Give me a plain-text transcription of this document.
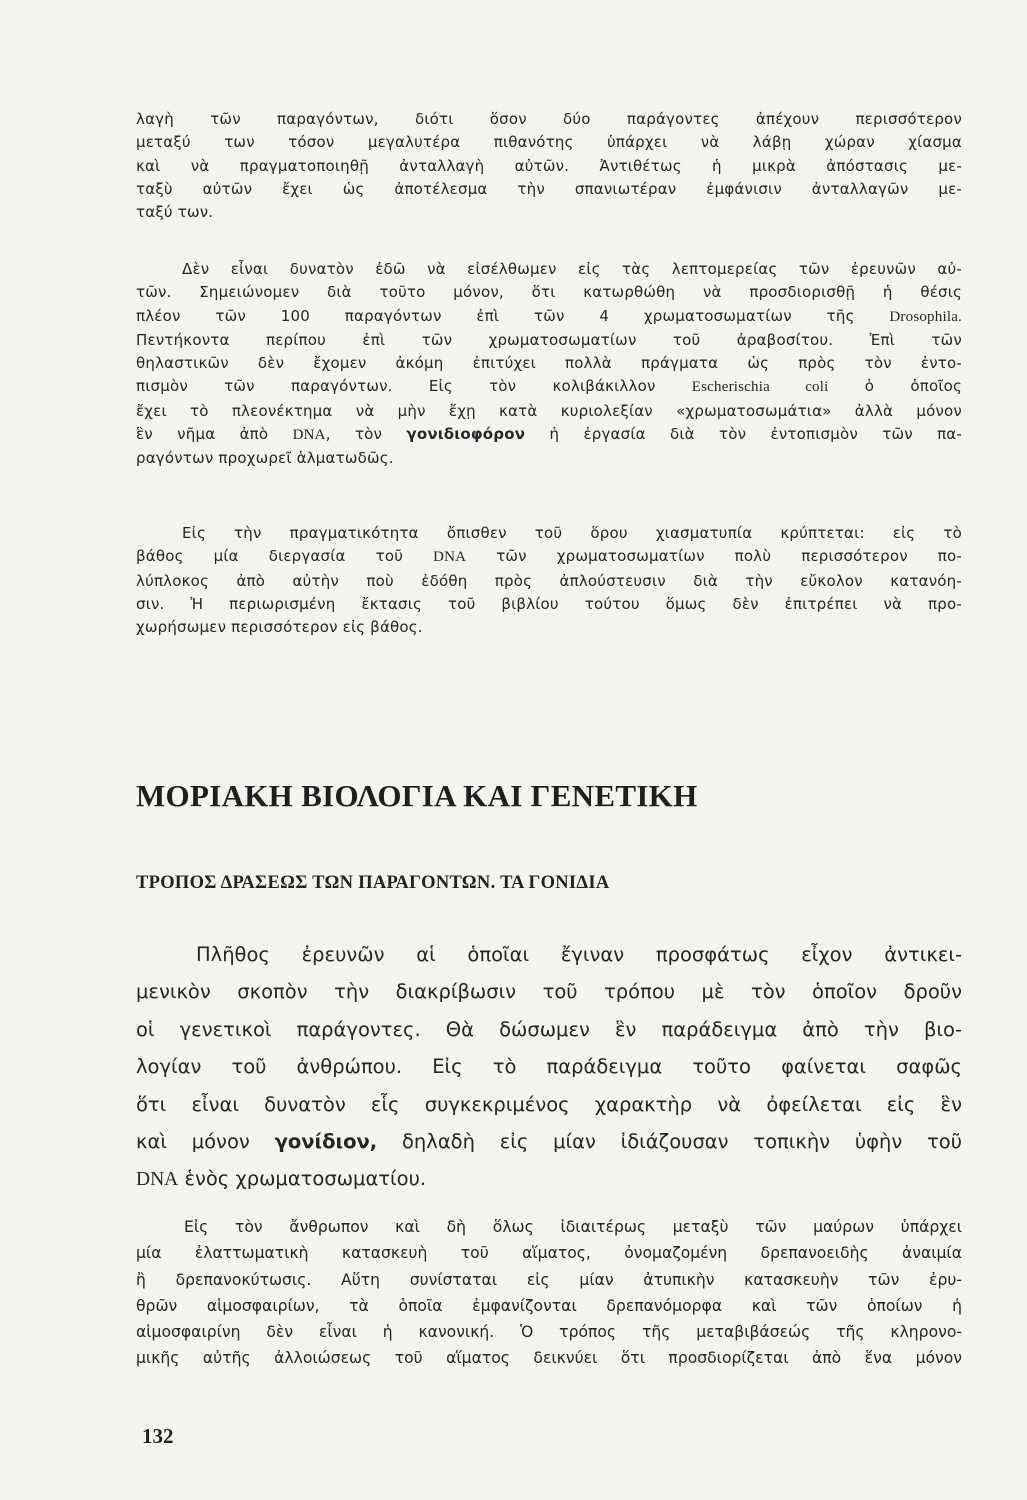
λαγὴ τῶν παραγόντων, διότι ὅσον δύο παράγοντες ἀπέχουν περισσότερον
μεταξύ των τόσον μεγαλυτέρα πιθανότης ὑπάρχει νὰ λάβῃ χώραν χίασμα
καὶ νὰ πραγματοποιηθῇ ἀνταλλαγὴ αὐτῶν. Ἀντιθέτως ἡ μικρὰ ἀπόστασις με-
ταξὺ αὐτῶν ἔχει ὡς ἀποτέλεσμα τὴν σπανιωτέραν ἐμφάνισιν ἀνταλλαγῶν με-
ταξύ των.

Δὲν εἶναι δυνατὸν ἐδῶ νὰ εἰσέλθωμεν εἰς τὰς λεπτομερείας τῶν ἐρευνῶν αὐ-
τῶν. Σημειώνομεν διὰ τοῦτο μόνον, ὅτι κατωρθώθη νὰ προσδιορισθῇ ἡ θέσις
πλέον τῶν 100 παραγόντων ἐπὶ τῶν 4 χρωματοσωματίων τῆς Drosophila.
Πεντήκοντα περίπου ἐπὶ τῶν χρωματοσωματίων τοῦ ἀραβοσίτου. Ἐπὶ τῶν
θηλαστικῶν δὲν ἔχομεν ἀκόμη ἐπιτύχει πολλὰ πράγματα ὡς πρὸς τὸν ἐντο-
πισμὸν τῶν παραγόντων. Εἰς τὸν κολιβάκιλλον Escherischia coli ὁ ὁποῖος
ἔχει τὸ πλεονέκτημα νὰ μὴν ἔχῃ κατὰ κυριολεξίαν «χρωματοσωμάτια» ἀλλὰ μόνον
ἓν νῆμα ἀπὸ DNA, τὸν γονιδιοφόρον ἡ ἐργασία διὰ τὸν ἐντοπισμὸν τῶν πα-
ραγόντων προχωρεῖ ἁλματωδῶς.

Εἰς τὴν πραγματικότητα ὄπισθεν τοῦ ὅρου χιασματυπία κρύπτεται: εἰς τὸ
βάθος μία διεργασία τοῦ DNA τῶν χρωματοσωματίων πολὺ περισσότερον πο-
λύπλοκος ἀπὸ αὐτὴν ποὺ ἐδόθη πρὸς ἀπλούστευσιν διὰ τὴν εὔκολον κατανόη-
σιν. Ἡ περιωρισμένη ἔκτασις τοῦ βιβλίου τούτου ὅμως δὲν ἐπιτρέπει νὰ προ-
χωρήσωμεν περισσότερον εἰς βάθος.

ΜΟΡΙΑΚΗ ΒΙΟΛΟΓΙΑ ΚΑΙ ΓΕΝΕΤΙΚΗ
ΤΡΟΠΟΣ ΔΡΑΣΕΩΣ ΤΩΝ ΠΑΡΑΓΟΝΤΩΝ. ΤΑ ΓΟΝΙΔΙΑ

Πλῆθος ἐρευνῶν αἱ ὁποῖαι ἔγιναν προσφάτως εἶχον ἀντικει-
μενικὸν σκοπὸν τὴν διακρίβωσιν τοῦ τρόπου μὲ τὸν ὁποῖον δροῦν
οἱ γενετικοὶ παράγοντες. Θὰ δώσωμεν ἓν παράδειγμα ἀπὸ τὴν βιο-
λογίαν τοῦ ἀνθρώπου. Εἰς τὸ παράδειγμα τοῦτο φαίνεται σαφῶς
ὅτι εἶναι δυνατὸν εἷς συγκεκριμένος χαρακτὴρ νὰ ὀφείλεται εἰς ἓν
καὶ μόνον γονίδιον, δηλαδὴ εἰς μίαν ἰδιάζουσαν τοπικὴν ὑφὴν τοῦ
DNA ἑνὸς χρωματοσωματίου.

Εἰς τὸν ἄνθρωπον καὶ δὴ ὅλως ἰδιαιτέρως μεταξὺ τῶν μαύρων ὑπάρχει
μία ἐλαττωματικὴ κατασκευὴ τοῦ αἵματος, ὀνομαζομένη δρεπανοειδὴς ἀναιμία
ἢ δρεπανοκύτωσις. Αὕτη συνίσταται εἰς μίαν ἀτυπικὴν κατασκευὴν τῶν ἐρυ-
θρῶν αἱμοσφαιρίων, τὰ ὁποῖα ἐμφανίζονται δρεπανόμορφα καὶ τῶν ὁποίων ἡ
αἱμοσφαιρίνη δὲν εἶναι ἡ κανονική. Ὁ τρόπος τῆς μεταβιβάσεώς τῆς κληρονο-
μικῆς αὐτῆς ἀλλοιώσεως τοῦ αἵματος δεικνύει ὅτι προσδιορίζεται ἀπὸ ἕνα μόνον

132
